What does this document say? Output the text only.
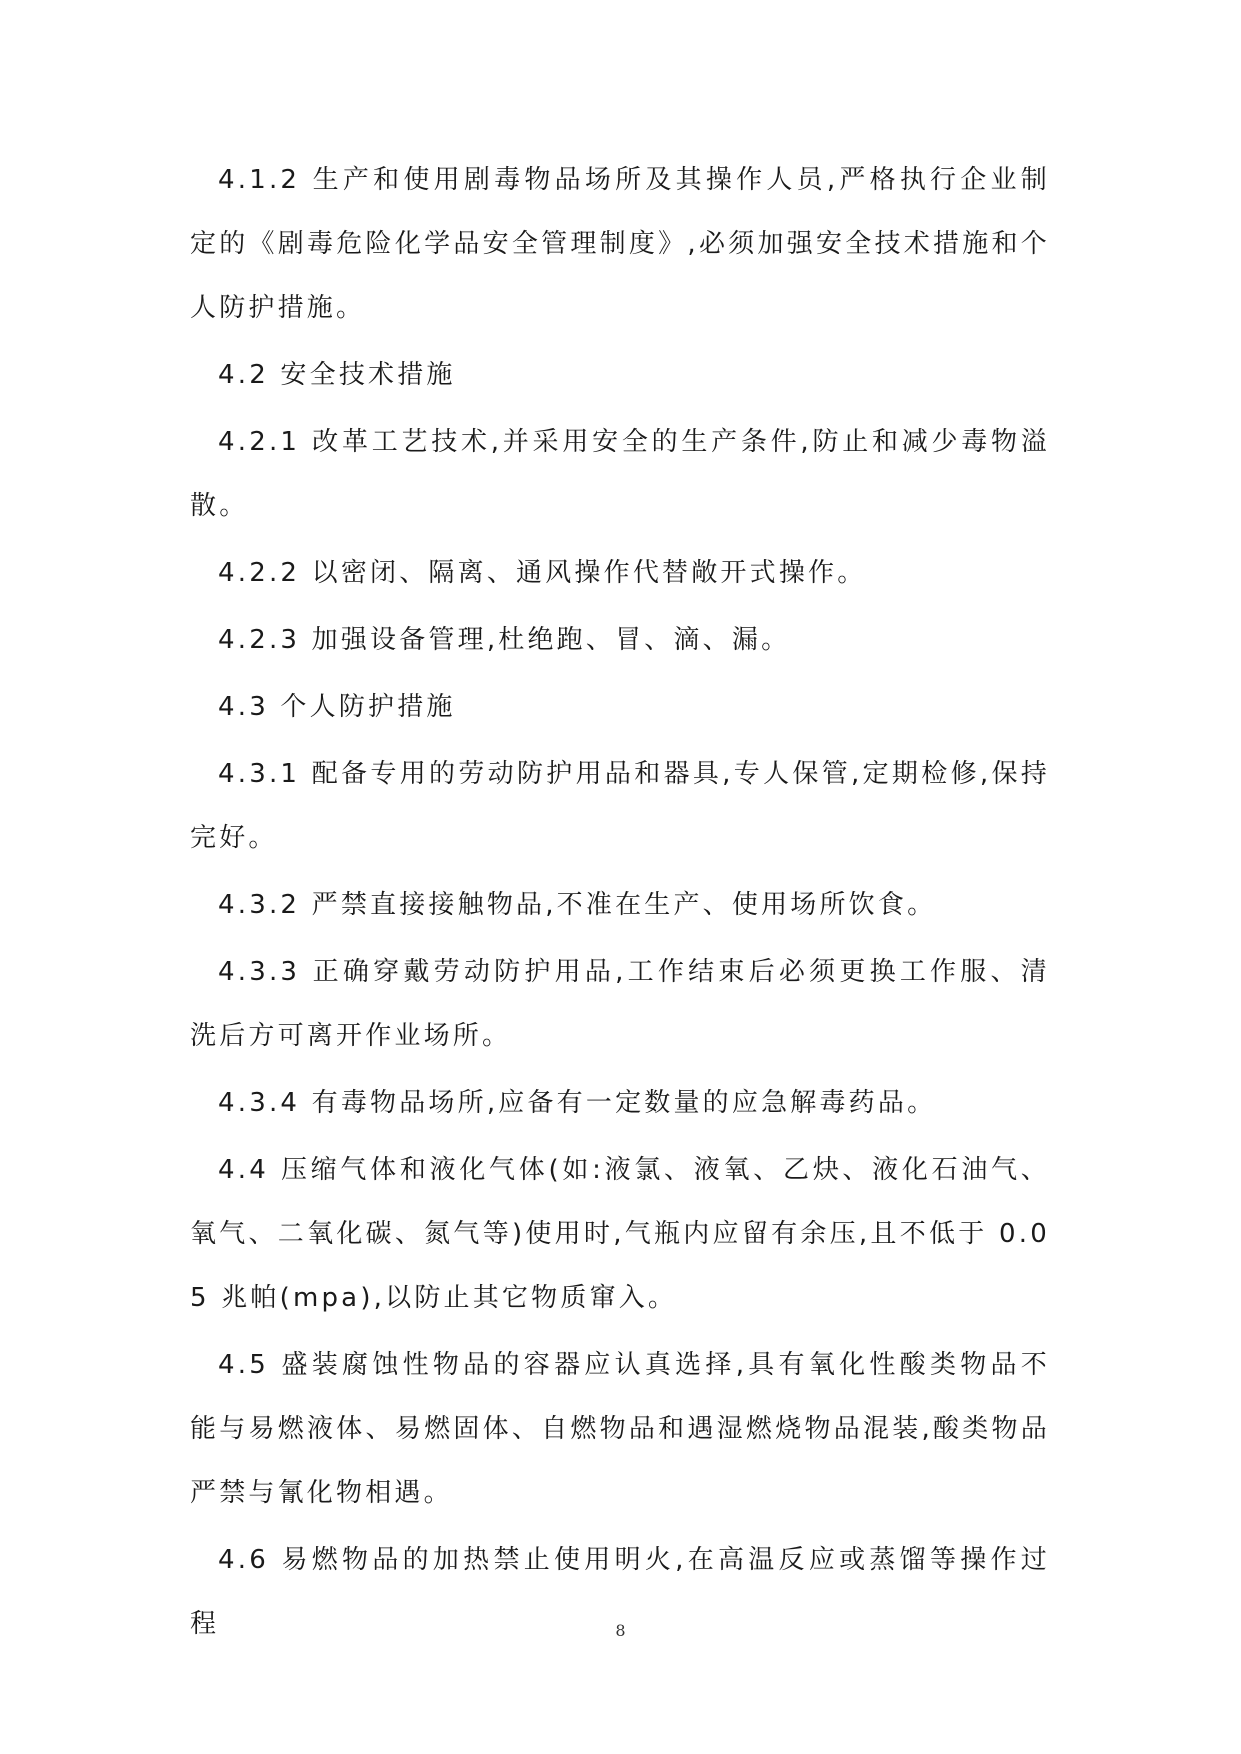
4.1.2 生产和使用剧毒物品场所及其操作人员,严格执行企业制定的《剧毒危险化学品安全管理制度》,必须加强安全技术措施和个人防护措施。

4.2 安全技术措施

4.2.1 改革工艺技术,并采用安全的生产条件,防止和减少毒物溢散。

4.2.2 以密闭、隔离、通风操作代替敞开式操作。

4.2.3 加强设备管理,杜绝跑、冒、滴、漏。

4.3 个人防护措施

4.3.1 配备专用的劳动防护用品和器具,专人保管,定期检修,保持完好。

4.3.2 严禁直接接触物品,不准在生产、使用场所饮食。

4.3.3 正确穿戴劳动防护用品,工作结束后必须更换工作服、清洗后方可离开作业场所。

4.3.4 有毒物品场所,应备有一定数量的应急解毒药品。

4.4 压缩气体和液化气体(如:液氯、液氧、乙炔、液化石油气、氧气、二氧化碳、氮气等)使用时,气瓶内应留有余压,且不低于 0.05 兆帕(mpa),以防止其它物质窜入。

4.5 盛装腐蚀性物品的容器应认真选择,具有氧化性酸类物品不能与易燃液体、易燃固体、自燃物品和遇湿燃烧物品混装,酸类物品严禁与氰化物相遇。

4.6 易燃物品的加热禁止使用明火,在高温反应或蒸馏等操作过程	8
